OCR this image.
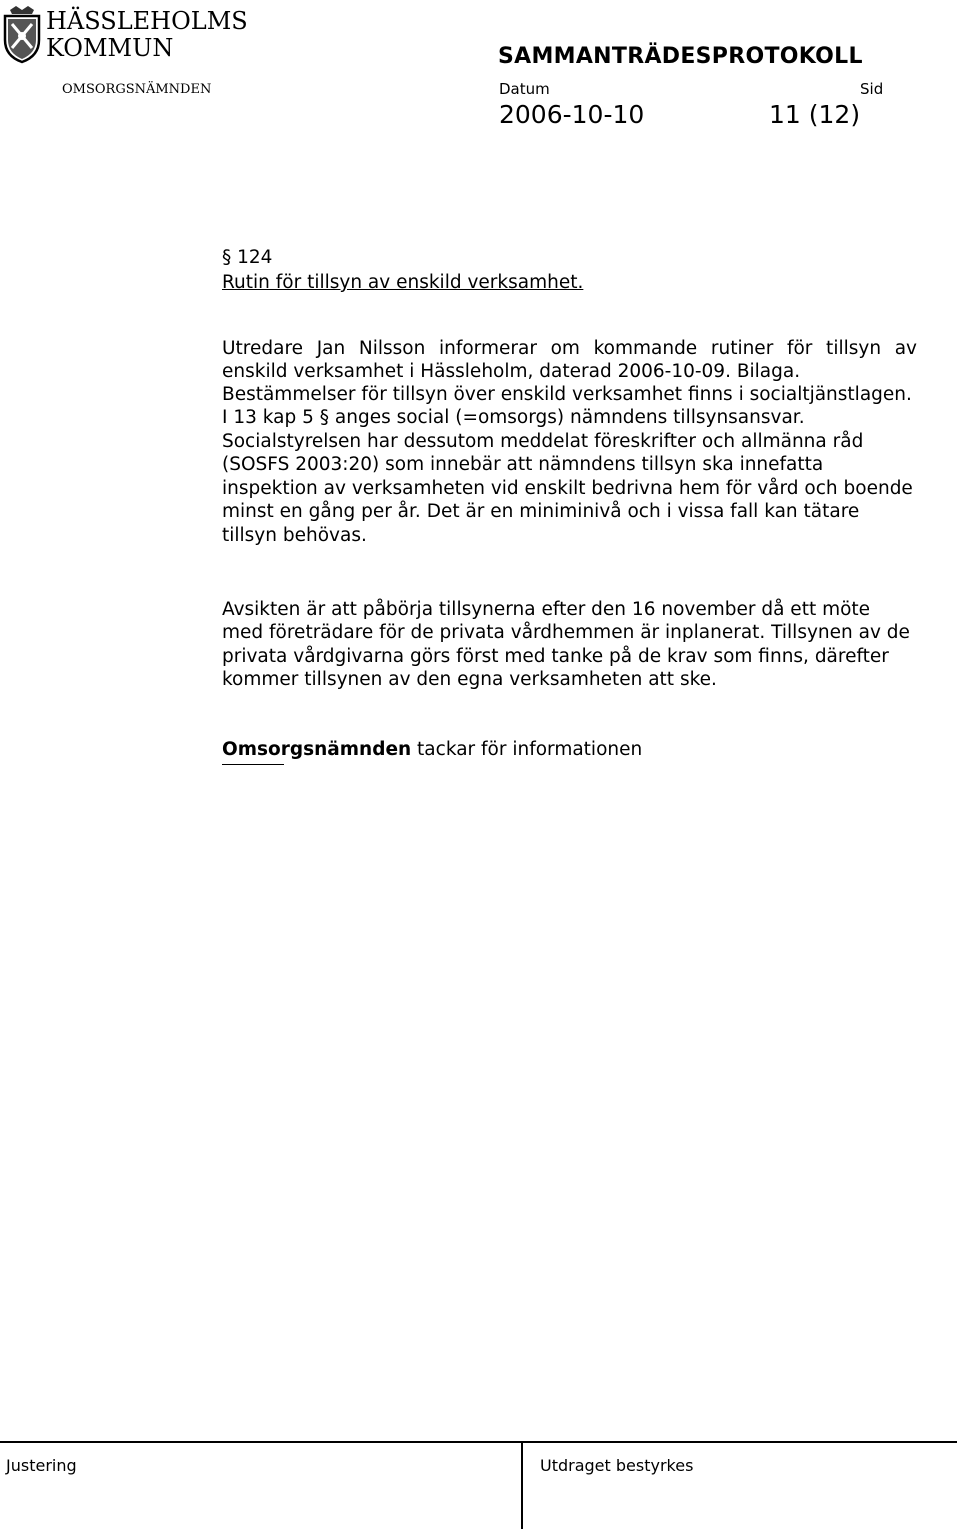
HÄSSLEHOLMS
KOMMUN
OMSORGSNÄMNDEN
SAMMANTRÄDESPROTOKOLL
Datum	Sid
2006-10-10	11 (12)
§ 124
Rutin för tillsyn av enskild verksamhet.

Utredare Jan Nilsson informerar om kommande rutiner för tillsyn av enskild verksamhet i Hässleholm, daterad 2006-10-09. Bilaga.

Bestämmelser för tillsyn över enskild verksamhet finns i socialtjänstlagen. I 13 kap 5 § anges social (=omsorgs) nämndens tillsynsansvar. Socialstyrelsen har dessutom meddelat föreskrifter och allmänna råd (SOSFS 2003:20) som innebär att nämndens tillsyn ska innefatta inspektion av verksamheten vid enskilt bedrivna hem för vård och boende minst en gång per år. Det är en miniminivå och i vissa fall kan tätare tillsyn behövas.

Avsikten är att påbörja tillsynerna efter den 16 november då ett möte med företrädare för de privata vårdhemmen är inplanerat. Tillsynen av de privata vårdgivarna görs först med tanke på de krav som finns, därefter kommer tillsynen av den egna verksamheten att ske.

Omsorgsnämnden tackar för informationen

Justering	Utdraget bestyrkes
